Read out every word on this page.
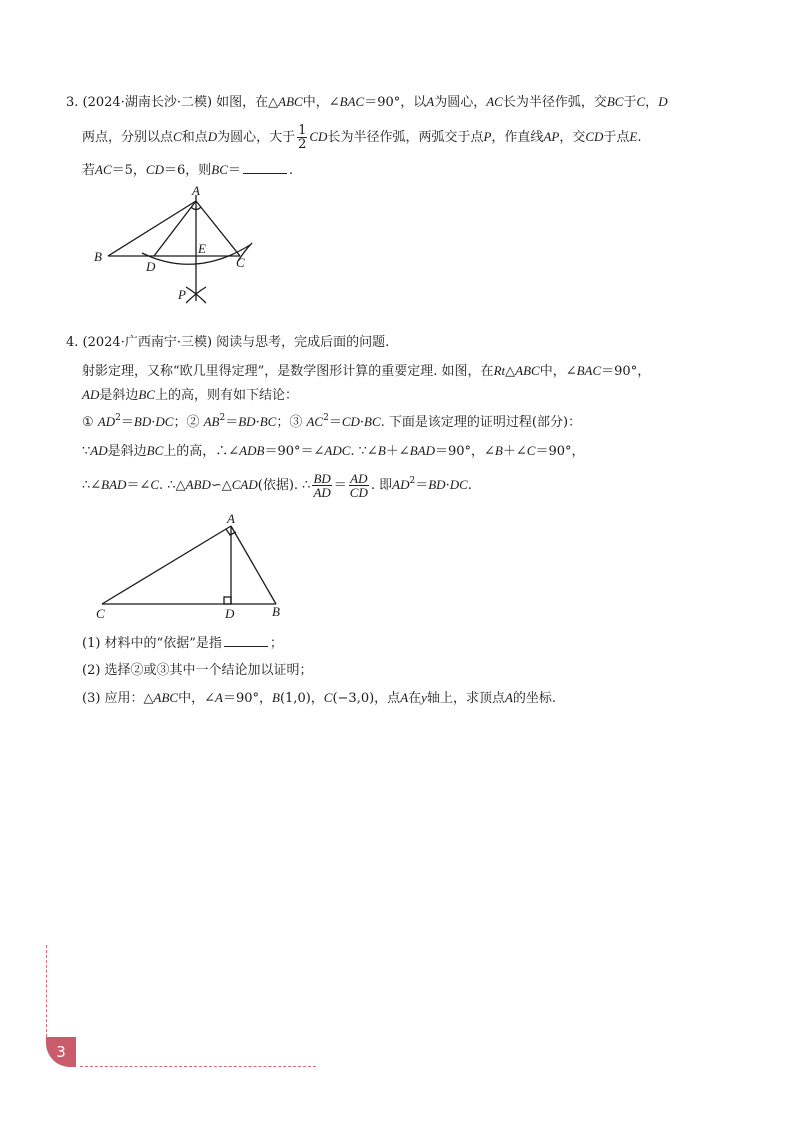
3. (2024·湖南长沙·二模) 如图，在△ABC中，∠BAC＝90°，以A为圆心，AC长为半径作弧，交BC于C，D
两点，分别以点C和点D为圆心，大于 $\frac{1}{2}$ CD长为半径作弧，两弧交于点P，作直线AP，交CD于点E.
若AC＝5，CD＝6，则BC＝	.
A
B
D
E
C
P
4. (2024·广西南宁·三模) 阅读与思考，完成后面的问题.
射影定理，又称“欧几里得定理”，是数学图形计算的重要定理. 如图，在Rt△ABC中，∠BAC＝90°，
AD是斜边BC上的高，则有如下结论：
① $AD^2=BD\cdot DC$；② $AB^2=BD\cdot BC$；③ $AC^2=CD\cdot BC$. 下面是该定理的证明过程(部分)：
∵AD是斜边BC上的高，∴∠ADB＝90°＝∠ADC. ∵∠B＋∠BAD＝90°，∠B＋∠C＝90°，
∴∠BAD＝∠C. ∴△ABD∽△CAD(依据). ∴ $\frac{BD}{AD} = \frac{AD}{CD}$ . 即$AD^2=BD\cdot DC$.
A
C	D	B
(1) 材料中的“依据”是指	；
(2) 选择②或③其中一个结论加以证明；
(3) 应用：△ABC中，∠A＝90°，B(1,0)，C(−3,0)，点A在y轴上，求顶点A的坐标.
3
